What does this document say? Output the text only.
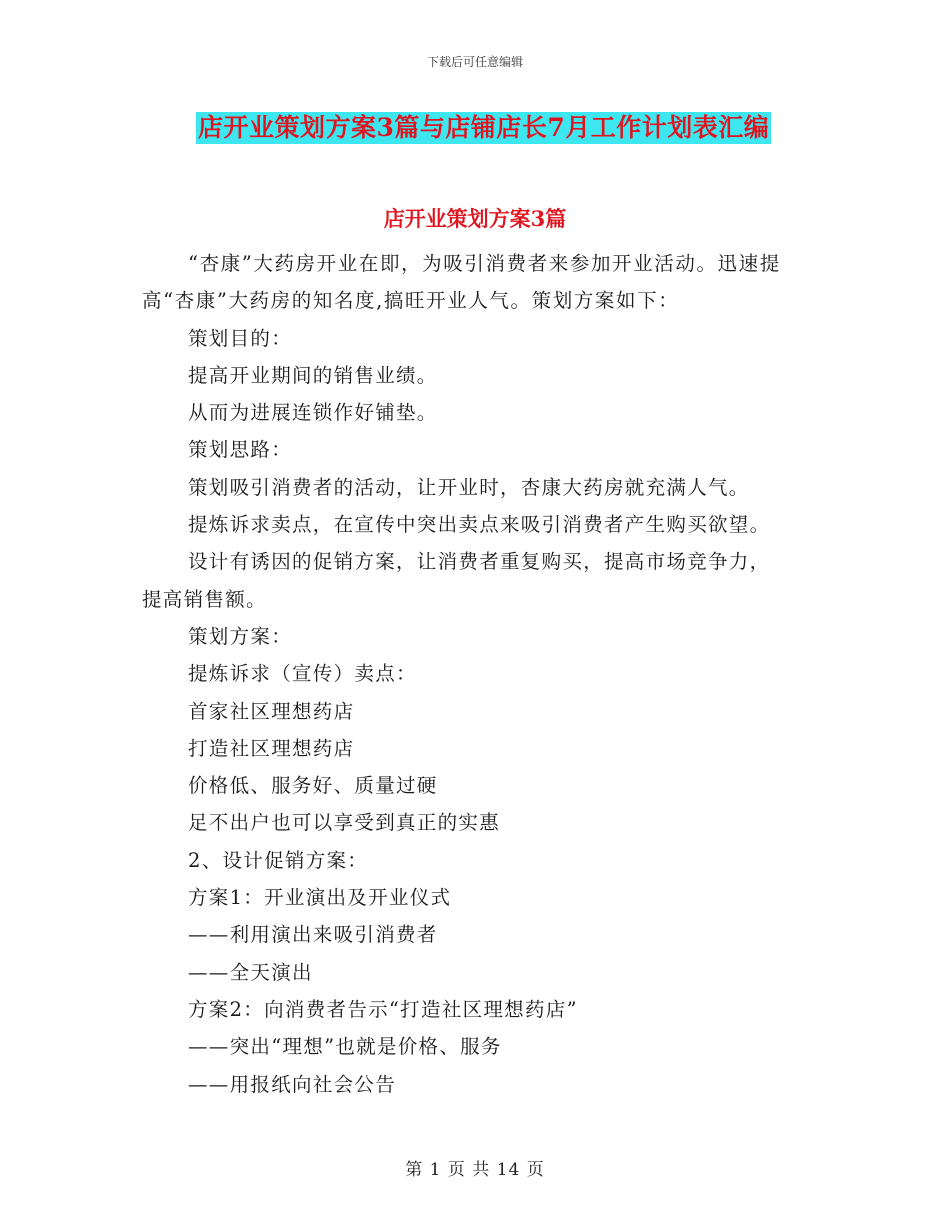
下载后可任意编辑
店开业策划方案3篇与店铺店长7月工作计划表汇编
店开业策划方案3篇

“杏康”大药房开业在即，为吸引消费者来参加开业活动。迅速提高“杏康”大药房的知名度,搞旺开业人气。策划方案如下：

策划目的：

提高开业期间的销售业绩。

从而为进展连锁作好铺垫。

策划思路：

策划吸引消费者的活动，让开业时，杏康大药房就充满人气。

提炼诉求卖点，在宣传中突出卖点来吸引消费者产生购买欲望。

设计有诱因的促销方案，让消费者重复购买，提高市场竞争力，

提高销售额。

策划方案：

提炼诉求（宣传）卖点：

首家社区理想药店

打造社区理想药店

价格低、服务好、质量过硬

足不出户也可以享受到真正的实惠

2、设计促销方案：

方案1：开业演出及开业仪式

——利用演出来吸引消费者

——全天演出

方案2：向消费者告示“打造社区理想药店”

——突出“理想”也就是价格、服务

——用报纸向社会公告

第 1 页 共 14 页
